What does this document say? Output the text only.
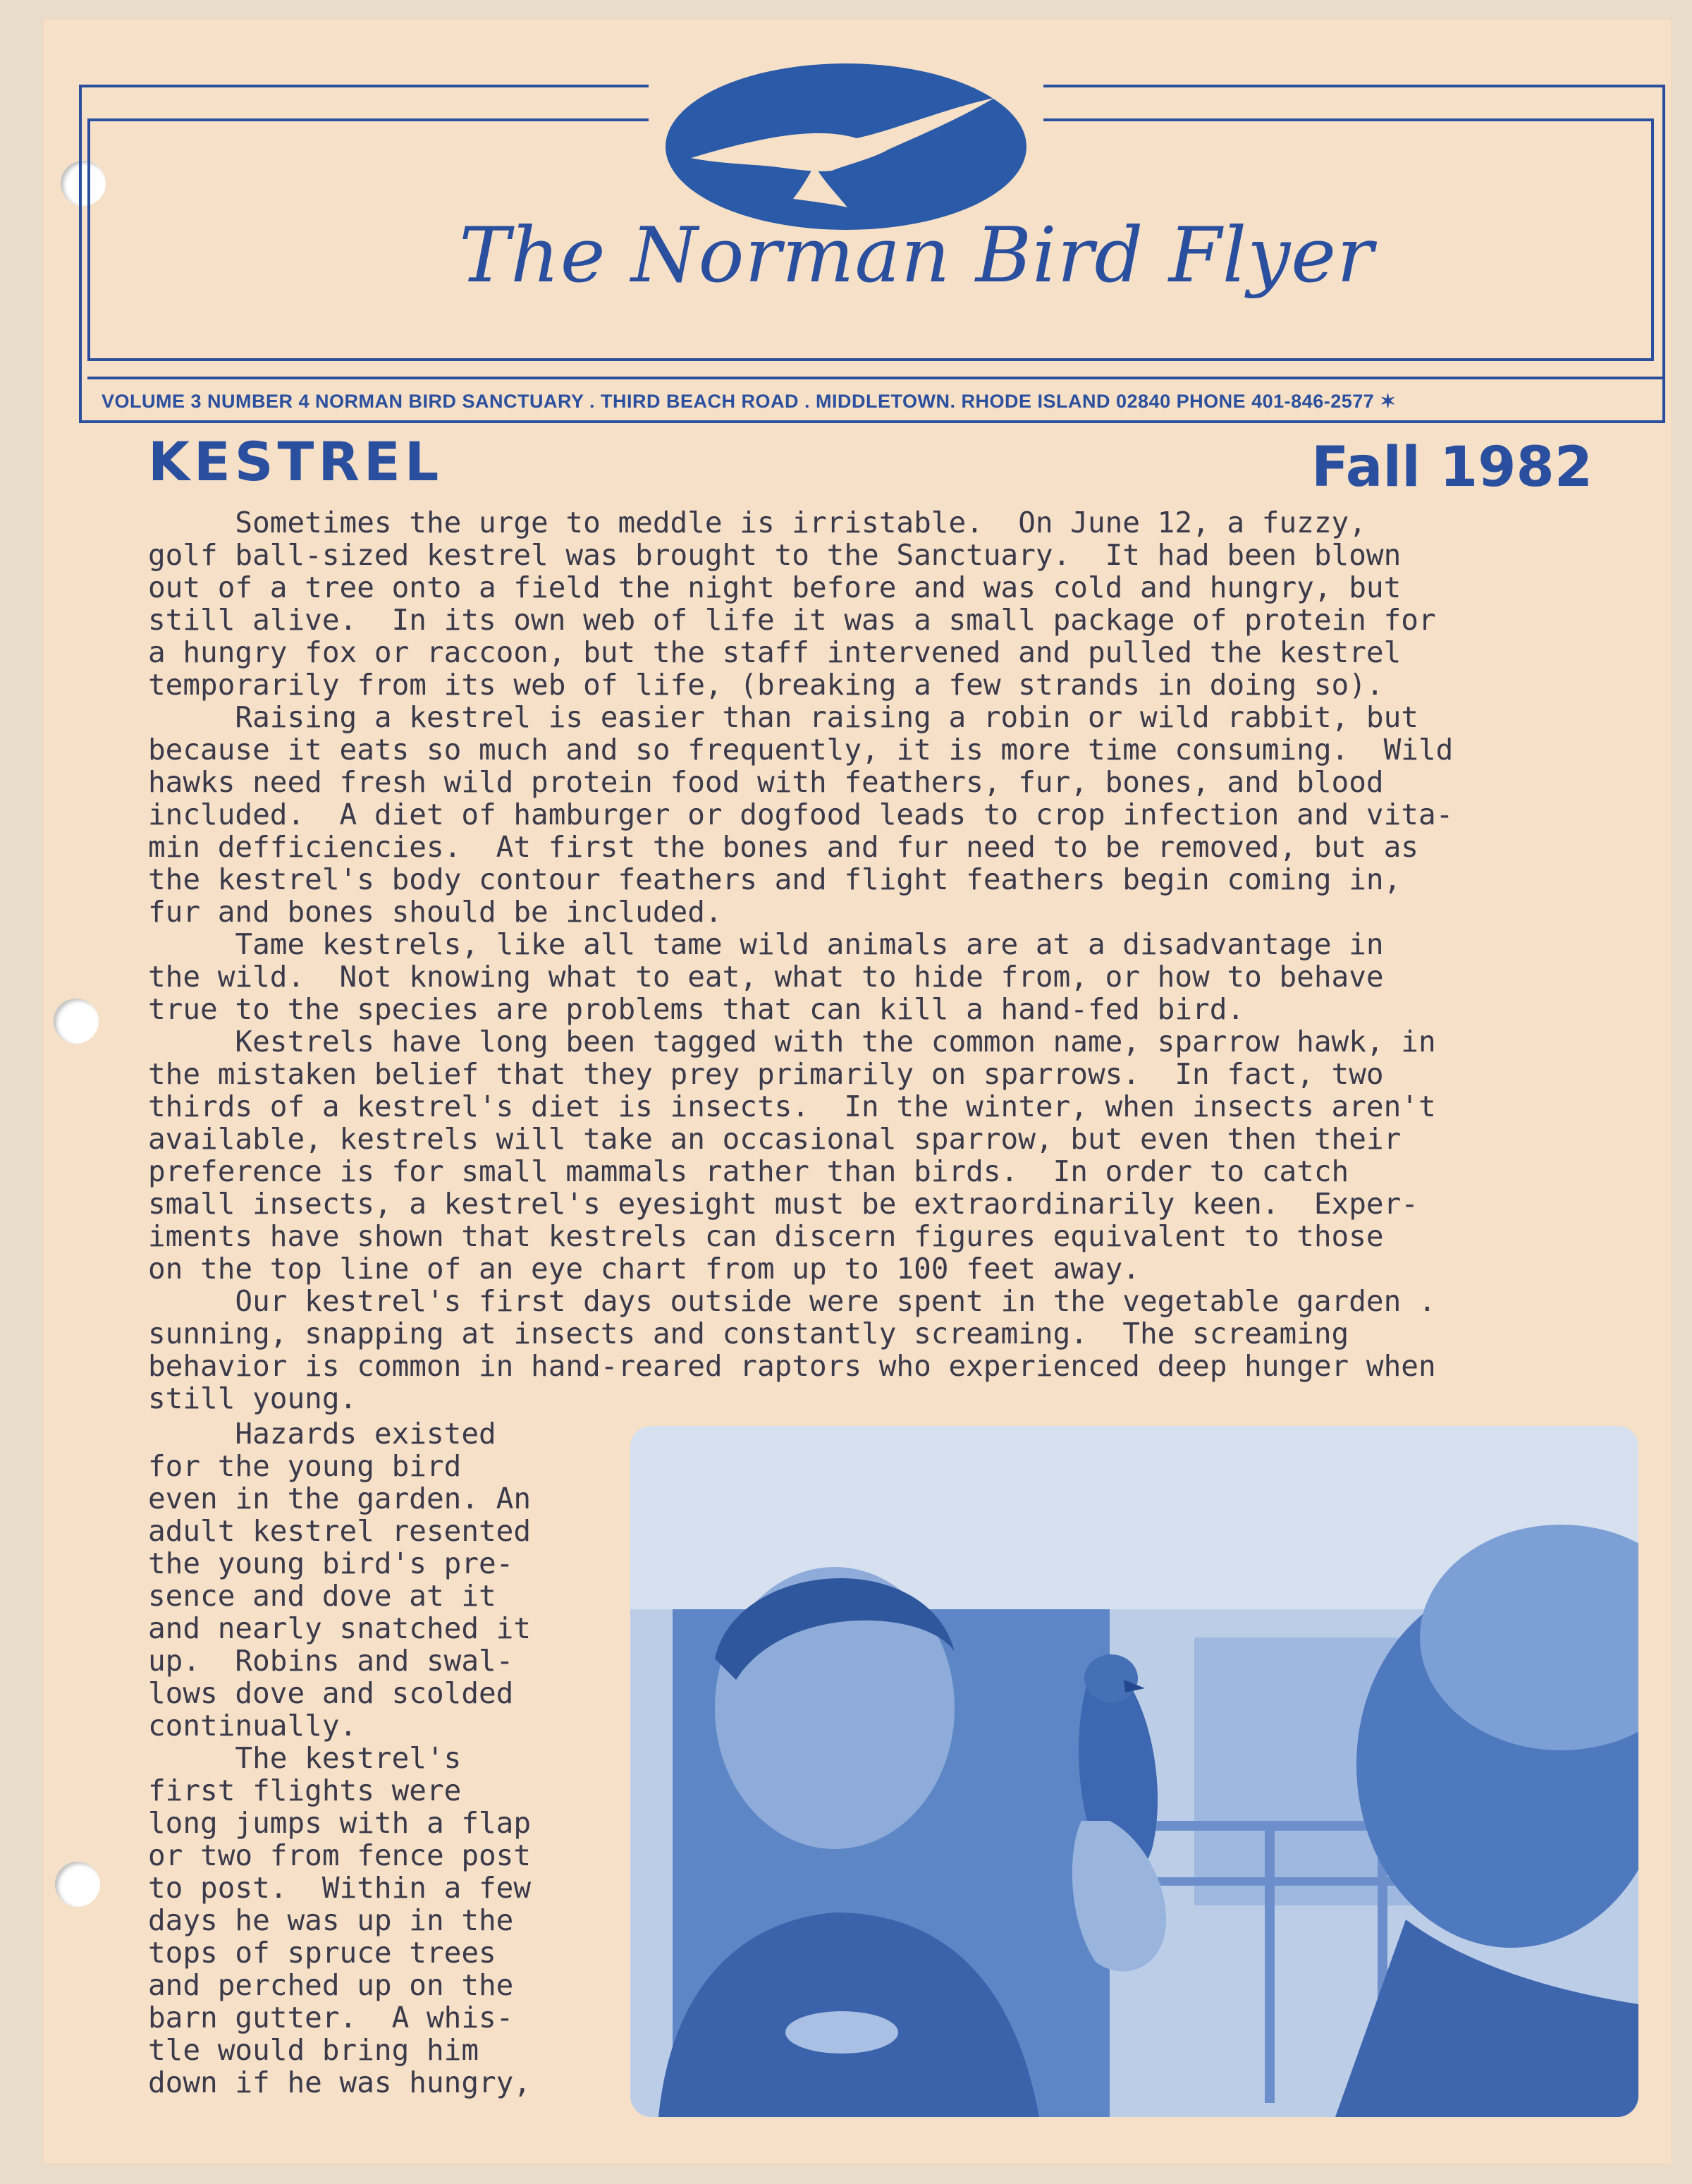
The Norman Bird Flyer
VOLUME 3 NUMBER 4 NORMAN BIRD SANCTUARY . THIRD BEACH ROAD . MIDDLETOWN. RHODE ISLAND 02840 PHONE 401-846-2577 ✶
KESTREL	Fall 1982

Sometimes the urge to meddle is irristable.  On June 12, a fuzzy,

golf ball-sized kestrel was brought to the Sanctuary.  It had been blown

out of a tree onto a field the night before and was cold and hungry, but

still alive.  In its own web of life it was a small package of protein for

a hungry fox or raccoon, but the staff intervened and pulled the kestrel

temporarily from its web of life, (breaking a few strands in doing so).

Raising a kestrel is easier than raising a robin or wild rabbit, but

because it eats so much and so frequently, it is more time consuming.  Wild

hawks need fresh wild protein food with feathers, fur, bones, and blood

included.  A diet of hamburger or dogfood leads to crop infection and vita-

min defficiencies.  At first the bones and fur need to be removed, but as

the kestrel's body contour feathers and flight feathers begin coming in,

fur and bones should be included.

Tame kestrels, like all tame wild animals are at a disadvantage in

the wild.  Not knowing what to eat, what to hide from, or how to behave

true to the species are problems that can kill a hand-fed bird.

Kestrels have long been tagged with the common name, sparrow hawk, in

the mistaken belief that they prey primarily on sparrows.  In fact, two

thirds of a kestrel's diet is insects.  In the winter, when insects aren't

available, kestrels will take an occasional sparrow, but even then their

preference is for small mammals rather than birds.  In order to catch

small insects, a kestrel's eyesight must be extraordinarily keen.  Exper-

iments have shown that kestrels can discern figures equivalent to those

on the top line of an eye chart from up to 100 feet away.

Our kestrel's first days outside were spent in the vegetable garden .

sunning, snapping at insects and constantly screaming.  The screaming

behavior is common in hand-reared raptors who experienced deep hunger when

still young.

Hazards existed

for the young bird

even in the garden. An

adult kestrel resented

the young bird's pre-

sence and dove at it

and nearly snatched it

up.  Robins and swal-

lows dove and scolded

continually.

The kestrel's

first flights were

long jumps with a flap

or two from fence post

to post.  Within a few

days he was up in the

tops of spruce trees

and perched up on the

barn gutter.  A whis-

tle would bring him

down if he was hungry,
